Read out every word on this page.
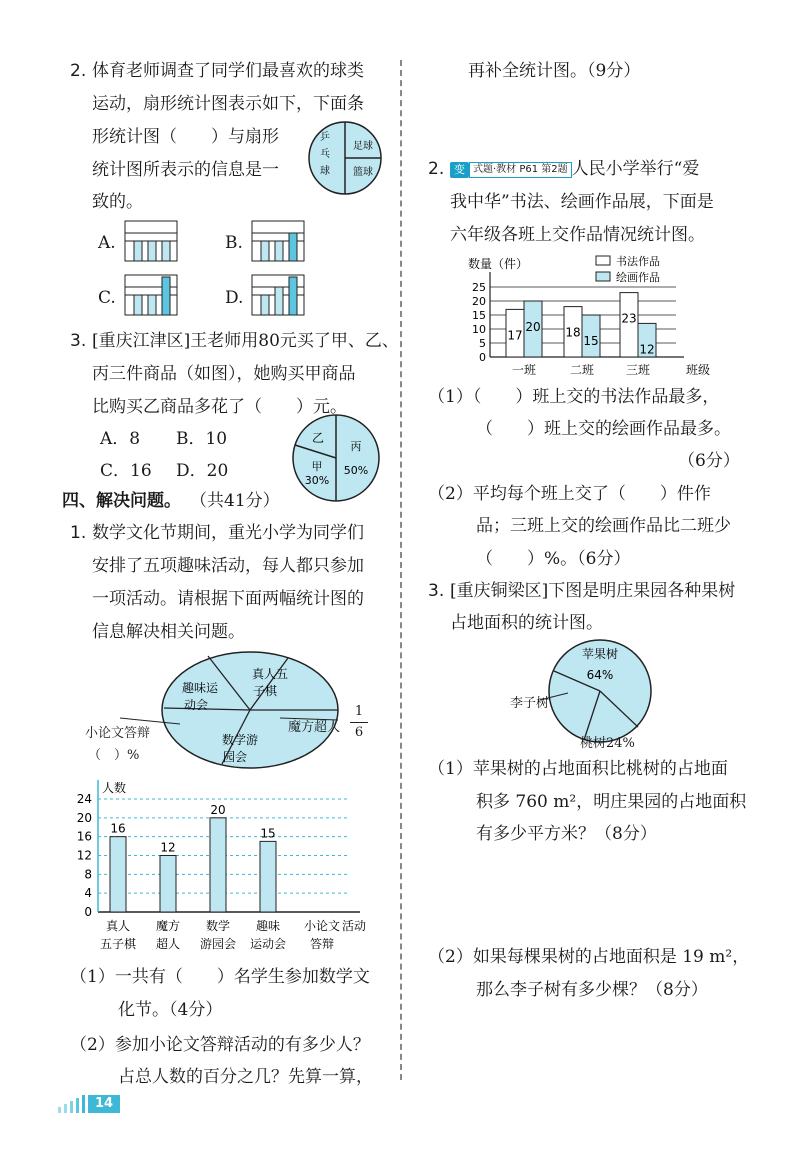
2. 体育老师调查了同学们最喜欢的球类
运动，扇形统计图表示如下，下面条
形统计图（　　）与扇形
统计图所表示的信息是一
致的。
乒
乓
球
足球
篮球
A.	B.
C.	D.
3. [重庆江津区]王老师用80元买了甲、乙、
丙三件商品（如图），她购买甲商品
比购买乙商品多花了（　　）元。
A．8 B．10
C．16 D．20
乙
甲
30%
丙
50%
四、解决问题。 （共41分）
1. 数学文化节期间，重光小学为同学们
安排了五项趣味活动，每人都只参加
一项活动。请根据下面两幅统计图的
信息解决相关问题。
真人五
子棋
趣味运
动会
数学游
园会
小论文答辩
（　）%
魔方超人
1
6
人数
活动
0
4
8
12
16
20
24
16
真人
五子棋
12
魔方
超人
20
数学
游园会
15
趣味
运动会
小论文
答辩
（1）一共有（　　）名学生参加数学文
化节。（4分）
（2）参加小论文答辩活动的有多少人？
占总人数的百分之几？先算一算，
14
再补全统计图。（9分）
2. 变 式题·教材 P61 第2题 人民小学举行“爱
我中华”书法、绘画作品展，下面是
六年级各班上交作品情况统计图。
数量（件）	书法作品
绘画作品
0
5
10
15
20
25
班级
17
20
一班
18
15
二班
23
12
三班
（1）（　　）班上交的书法作品最多，
（　　）班上交的绘画作品最多。
（6分）
（2）平均每个班上交了（　　）件作
品；三班上交的绘画作品比二班少
（　　）%。（6分）
3. [重庆铜梁区]下图是明庄果园各种果树
占地面积的统计图。
苹果树
64%
李子树
桃树24%
（1）苹果树的占地面积比桃树的占地面
积多 760 m²，明庄果园的占地面积
有多少平方米？（8分）
（2）如果每棵果树的占地面积是 19 m²，
那么李子树有多少棵？（8分）
